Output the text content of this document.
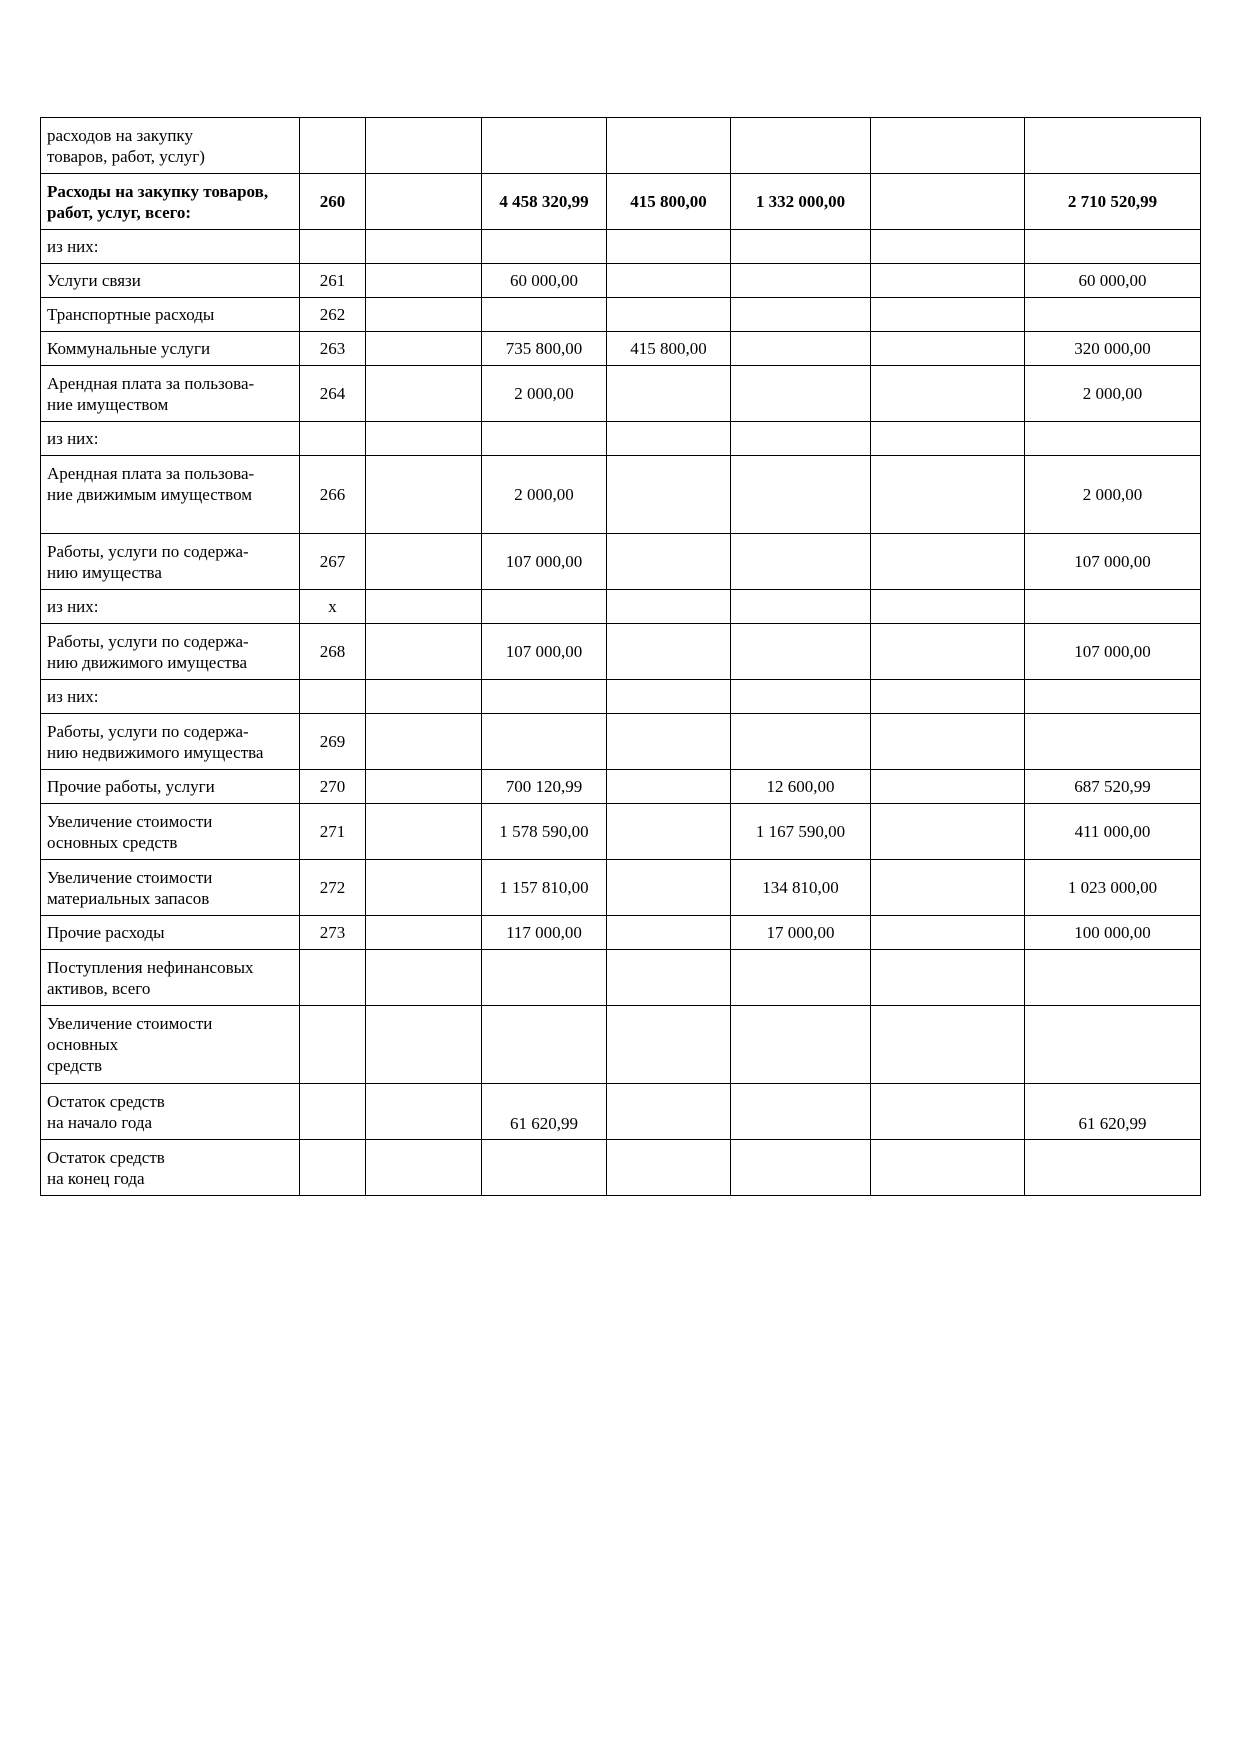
расходов на закупку
товаров, работ, услуг)							
Расходы на закупку товаров,
работ, услуг, всего:	260		4 458 320,99	415 800,00	1 332 000,00		2 710 520,99
из них:							
Услуги связи	261		60 000,00				60 000,00
Транспортные расходы	262						
Коммунальные услуги	263		735 800,00	415 800,00			320 000,00
Арендная плата за пользова-
ние имуществом	264		2 000,00				2 000,00
из них:							
Арендная плата за пользова-
ние движимым имуществом	266		2 000,00				2 000,00
Работы, услуги по содержа-
нию имущества	267		107 000,00				107 000,00
из них:	х						
Работы, услуги по содержа-
нию движимого имущества	268		107 000,00				107 000,00
из них:							
Работы, услуги по содержа-
нию недвижимого имущества	269						
Прочие работы, услуги	270		700 120,99		12 600,00		687 520,99
Увеличение стоимости
основных средств	271		1 578 590,00		1 167 590,00		411 000,00
Увеличение стоимости
материальных запасов	272		1 157 810,00		134 810,00		1 023 000,00
Прочие расходы	273		117 000,00		17 000,00		100 000,00
Поступления нефинансовых
активов, всего							
Увеличение стоимости
основных
средств							
Остаток средств
на начало года			61 620,99				61 620,99
Остаток средств
на конец года							
